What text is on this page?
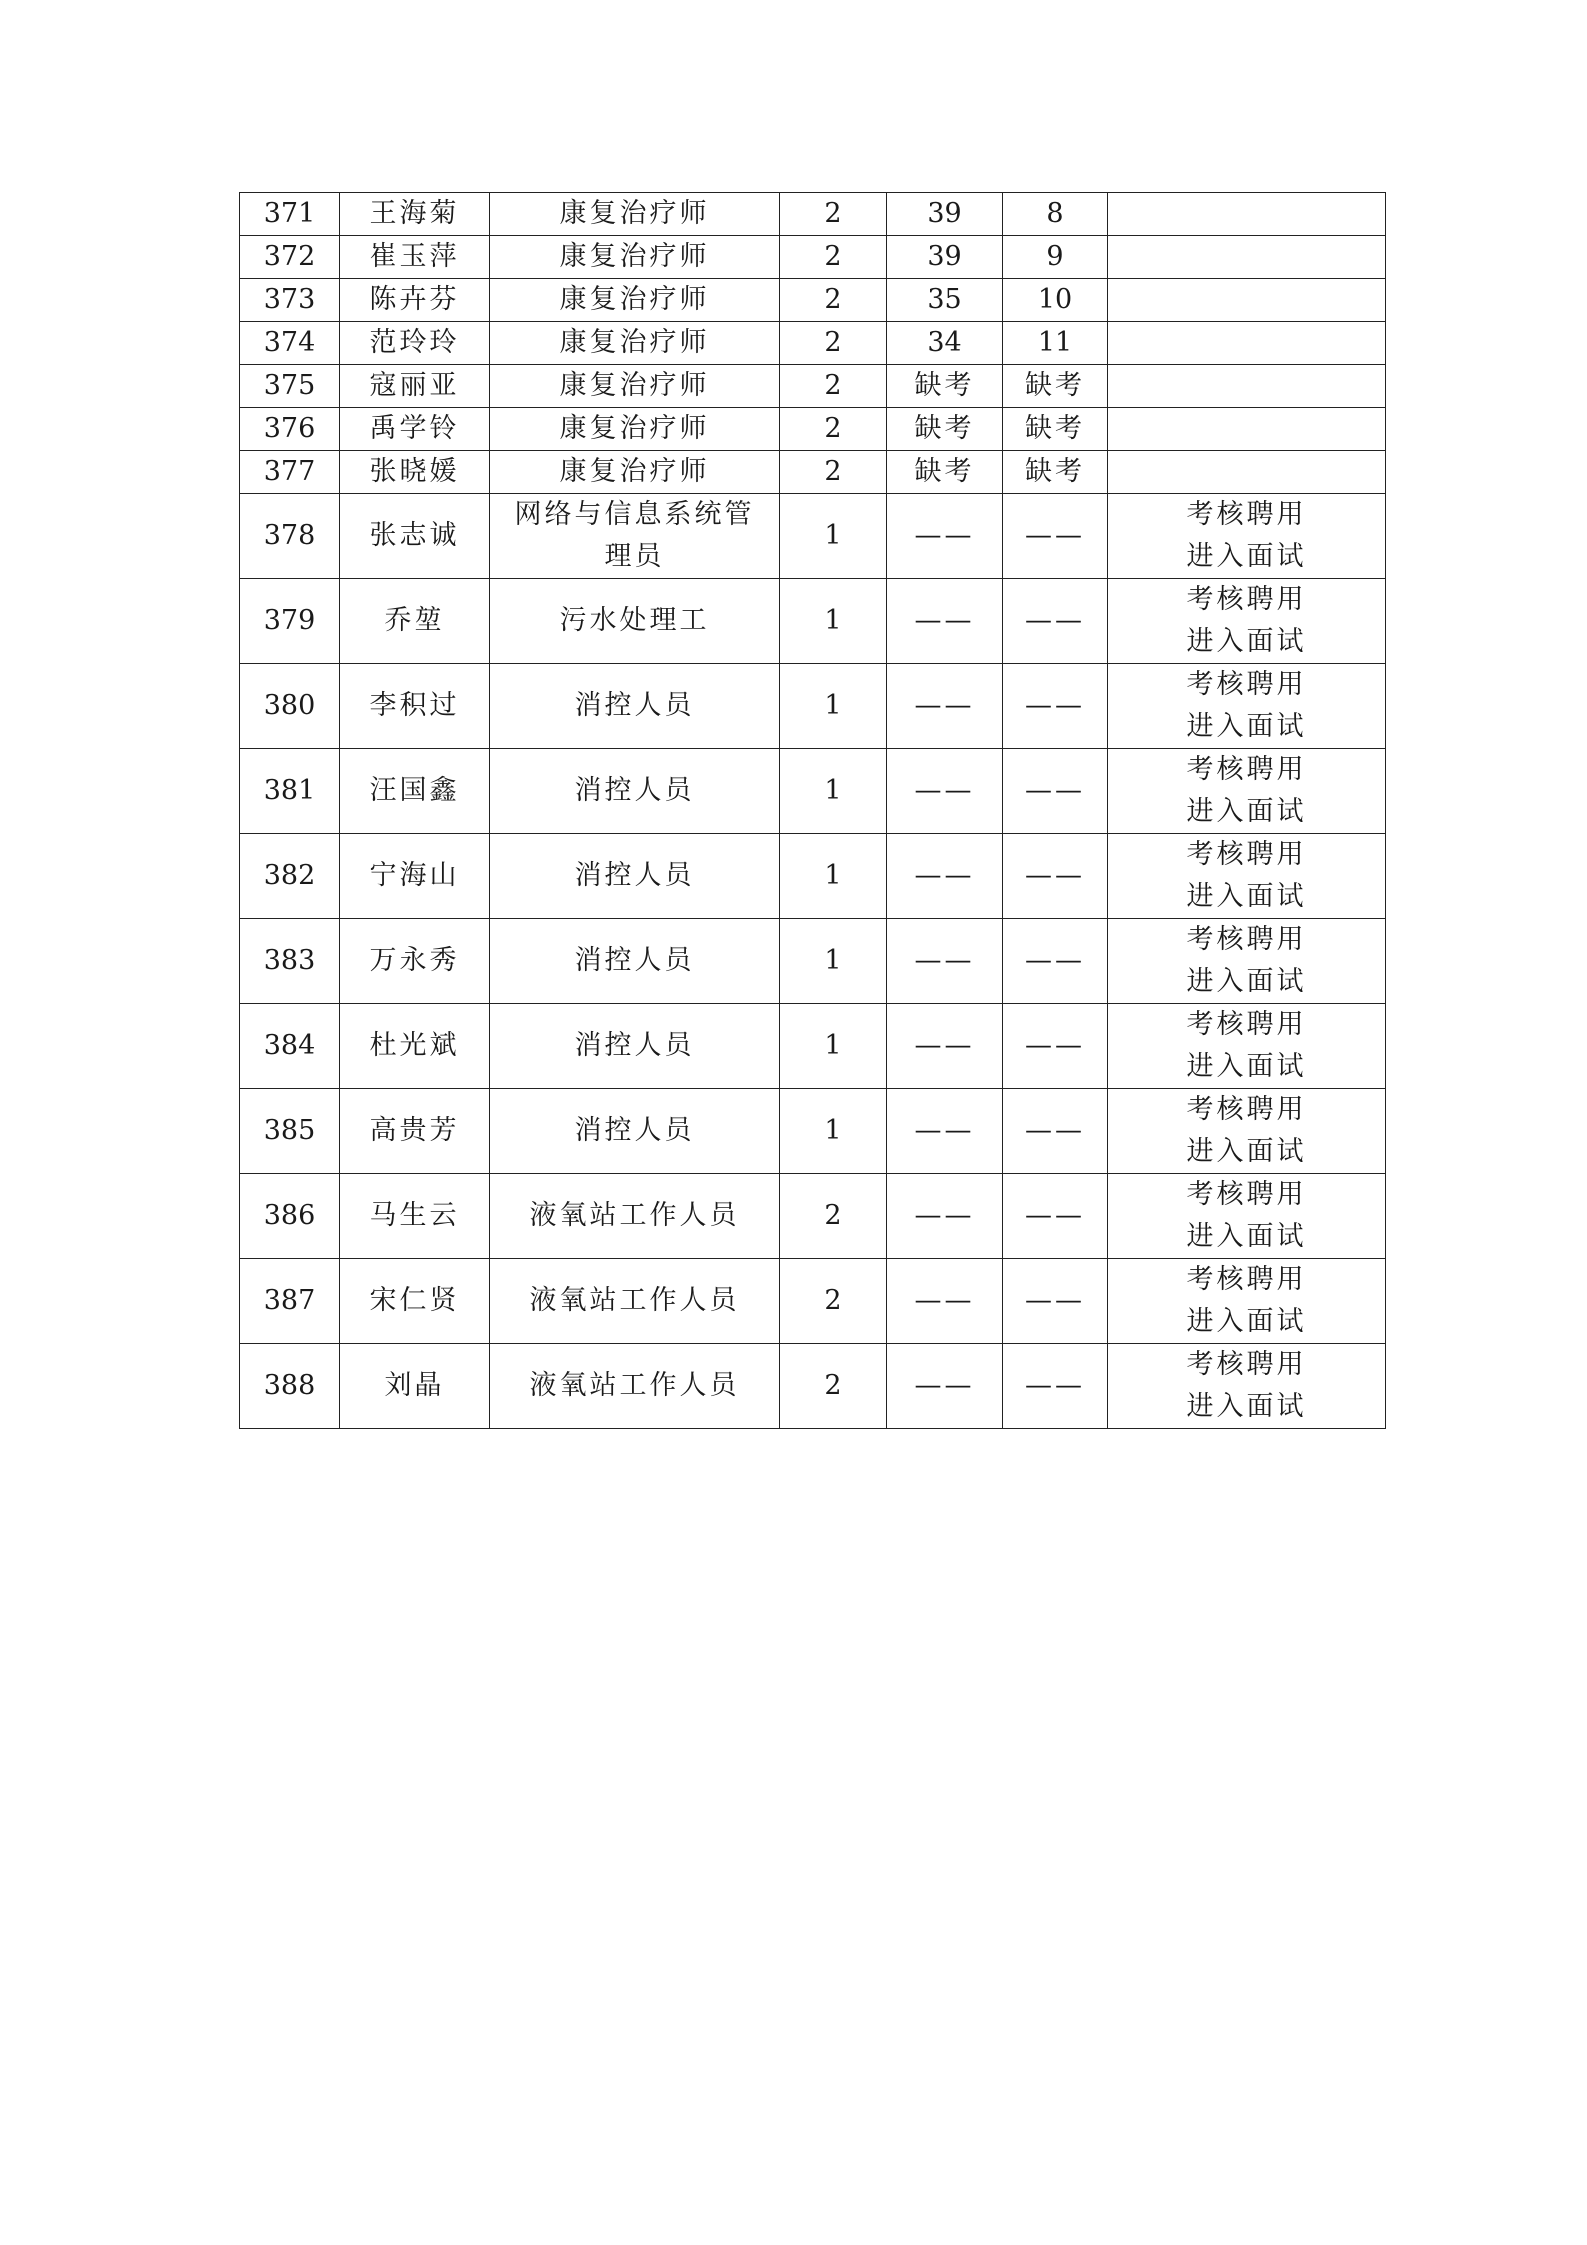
371	王海菊	康复治疗师	2	39	8	
372	崔玉萍	康复治疗师	2	39	9	
373	陈卉芬	康复治疗师	2	35	10	
374	范玲玲	康复治疗师	2	34	11	
375	寇丽亚	康复治疗师	2	缺考	缺考	
376	禹学铃	康复治疗师	2	缺考	缺考	
377	张晓媛	康复治疗师	2	缺考	缺考	
378	张志诚	网络与信息系统管理员	1	——	——	考核聘用进入面试
379	乔堃	污水处理工	1	——	——	考核聘用进入面试
380	李积过	消控人员	1	——	——	考核聘用进入面试
381	汪国鑫	消控人员	1	——	——	考核聘用进入面试
382	宁海山	消控人员	1	——	——	考核聘用进入面试
383	万永秀	消控人员	1	——	——	考核聘用进入面试
384	杜光斌	消控人员	1	——	——	考核聘用进入面试
385	高贵芳	消控人员	1	——	——	考核聘用进入面试
386	马生云	液氧站工作人员	2	——	——	考核聘用进入面试
387	宋仁贤	液氧站工作人员	2	——	——	考核聘用进入面试
388	刘晶	液氧站工作人员	2	——	——	考核聘用进入面试
